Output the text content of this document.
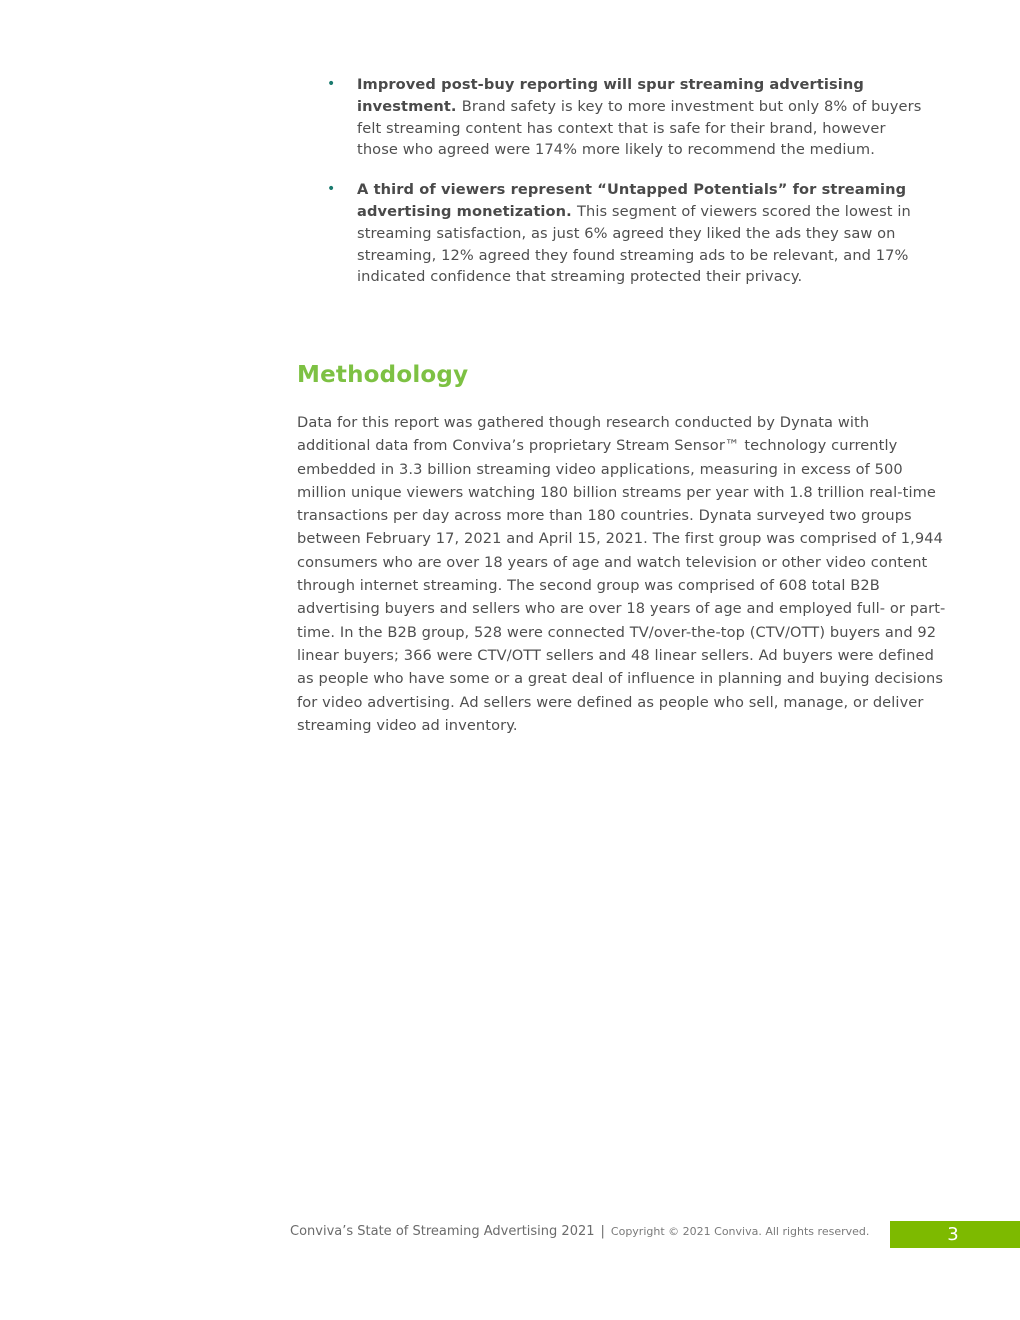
• Improved post-buy reporting will spur streaming advertising investment. Brand safety is key to more investment but only 8% of buyers felt streaming content has context that is safe for their brand, however those who agreed were 174% more likely to recommend the medium.
• A third of viewers represent “Untapped Potentials” for streaming advertising monetization. This segment of viewers scored the lowest in streaming satisfaction, as just 6% agreed they liked the ads they saw on streaming, 12% agreed they found streaming ads to be relevant, and 17% indicated confidence that streaming protected their privacy.
Methodology

Data for this report was gathered though research conducted by Dynata with additional data from Conviva’s proprietary Stream Sensor™ technology currently embedded in 3.3 billion streaming video applications, measuring in excess of 500 million unique viewers watching 180 billion streams per year with 1.8 trillion real-time transactions per day across more than 180 countries. Dynata surveyed two groups between February 17, 2021 and April 15, 2021. The first group was comprised of 1,944 consumers who are over 18 years of age and watch television or other video content through internet streaming. The second group was comprised of 608 total B2B advertising buyers and sellers who are over 18 years of age and employed full- or part-time. In the B2B group, 528 were connected TV/over-the-top (CTV/OTT) buyers and 92 linear buyers; 366 were CTV/OTT sellers and 48 linear sellers. Ad buyers were defined as people who have some or a great deal of influence in planning and buying decisions for video advertising. Ad sellers were defined as people who sell, manage, or deliver streaming video ad inventory.

Conviva’s State of Streaming Advertising 2021 | Copyright © 2021 Conviva. All rights reserved.	3
